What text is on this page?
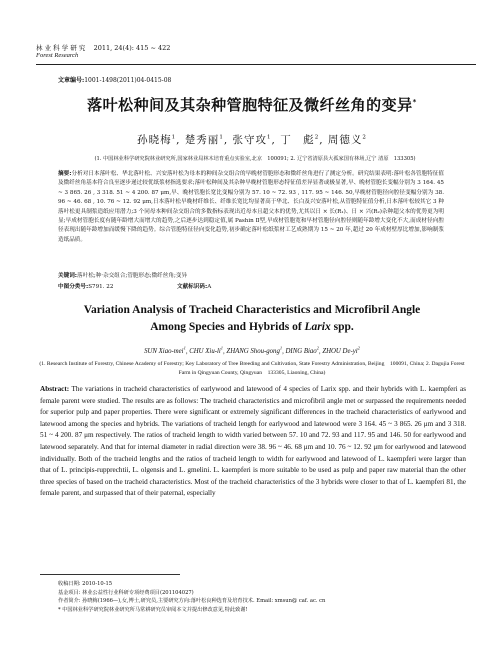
林 业 科 学 研 究 2011, 24(4): 415 ~ 422
Forest Research
文章编号:1001-1498(2011)04-0415-08
落叶松种间及其杂种管胞特征及微纤丝角的变异*
孙晓梅$^1$, 楚秀丽$^1$, 张守攻$^1$, 丁　彪$^2$, 周德义$^2$
(1. 中国林业科学研究院林业研究所,国家林业局林木培育重点实验室,北京　100091; 2. 辽宁省清原县大孤家国有林场,辽宁 清原　133305)
摘要:分析对日本落叶松、华北落叶松、兴安落叶松为母本的种间杂交组合的早晚材管胞形态和微纤丝角进行了测定分析。研究结果表明:落叶松各管胞特征值及微纤丝角基本符合良至逐步递过较优纸浆材指选要求;落叶松种间及其杂种早晚材管胞形态特征值差异显著或极显著,早、晚材管胞长变幅分别为 3 164. 45 ~ 3 865. 26 , 3 318. 51 ~ 4 200. 87 μm,早、晚材管胞长宽比变幅分别为 57. 10 ~ 72. 93 , 117. 95 ~ 146. 50,早晚材管胞径向腔径变幅分别为 38. 96 ~ 46. 68 , 10. 76 ~ 12. 92 μm,日本落叶松早晚材纤维长、纤维长宽比均显著高于华北、长白及兴安落叶松,从管胞特征值分析,日本落叶松较其它 3 种落叶松更具制浆造纸应用潜力;3 个同母本种间杂交组合的多数指标表现出近母本且超父本的优势,尤其以日 × 长(R₁)、日 × 兴(R₂)杂种超父本的优势更为明显;早成材管胞长度有随年龄增大而增大的趋势,之后逐步达到稳定值,属 Pashin Ⅱ型,早成材管胞宽和早材管胞径向腔径则随年龄增大变化不大,而成材径向腔径表现出随年龄增加而缓慢下降的趋势。综合管胞特征径向变化趋势,初步确定落叶松纸浆材工艺成熟期为 15 ~ 20 年,超过 20 年成材壁厚比增加,影响制浆造纸品质。
关键词:落叶松;种·杂交组合;管胞形态;微纤丝角;变异
中图分类号:S791. 22	文献标识码:A
Variation Analysis of Tracheid Characteristics and Microfibril Angle
Among Species and Hybrids of Larix spp.
SUN Xiao-mei$^1$, CHU Xiu-$li^1$, ZHANG Shou-gong$^1$, DING Biao$^2$, ZHOU $De-yi^2$
(1. Research Institute of Forestry, Chinese Academy of Forestry; Key Laboratory of Tree Breeding and Cultivation, State Forestry Administration, Beijing　100091, China; 2. Dagujia Forest Farm in Qingyuan County, Qingyuan　133305, Liaoning, China)
Abstract: The variations in tracheid characteristics of earlywood and latewood of 4 species of Larix spp. and their hybrids with L. kaempferi as female parent were studied. The results are as follows: The tracheid characteristics and microfibril angle met or surpassed the requirements needed for superior pulp and paper properties. There were significant or extremely significant differences in the tracheid characteristics of earlywood and latewood among the species and hybrids. The variations of tracheid length for earlywood and latewood were 3 164. 45 ~ 3 865. 26 μm and 3 318. 51 ~ 4 200. 87 μm respectively. The ratios of tracheid length to width varied between 57. 10 and 72. 93 and 117. 95 and 146. 50 for earlywood and latewood separately. And that for internal diameter in radial direction were 38. 96 ~ 46. 68 μm and 10. 76 ~ 12. 92 μm for earlywood and latewood individually. Both of the tracheid lengths and the ratios of tracheid length to width for earlywood and latewood of L. kaempferi were larger than that of L. principis-rupprechtii, L. olgensis and L. gmelini. L. kaempferi is more suitable to be used as pulp and paper raw material than the other three species of based on the tracheid characteristics. Most of the tracheid characteristics of the 3 hybrids were closer to that of L. kaempferi 81, the female parent, and surpassed that of their paternal, especially
收稿日期: 2010-10-15
基金项目: 林业公益性行业科研专项经费项目(201104027)
作者简介: 孙晓梅(1966—),女,博士,研究员,主要研究方向:落叶松良种选育及培育技术. Email: xmsun@ caf. ac. cn
* 中国林业科学研究院林业研究所马常耕研究员审阅本文并提出修改意见,特此致谢!
